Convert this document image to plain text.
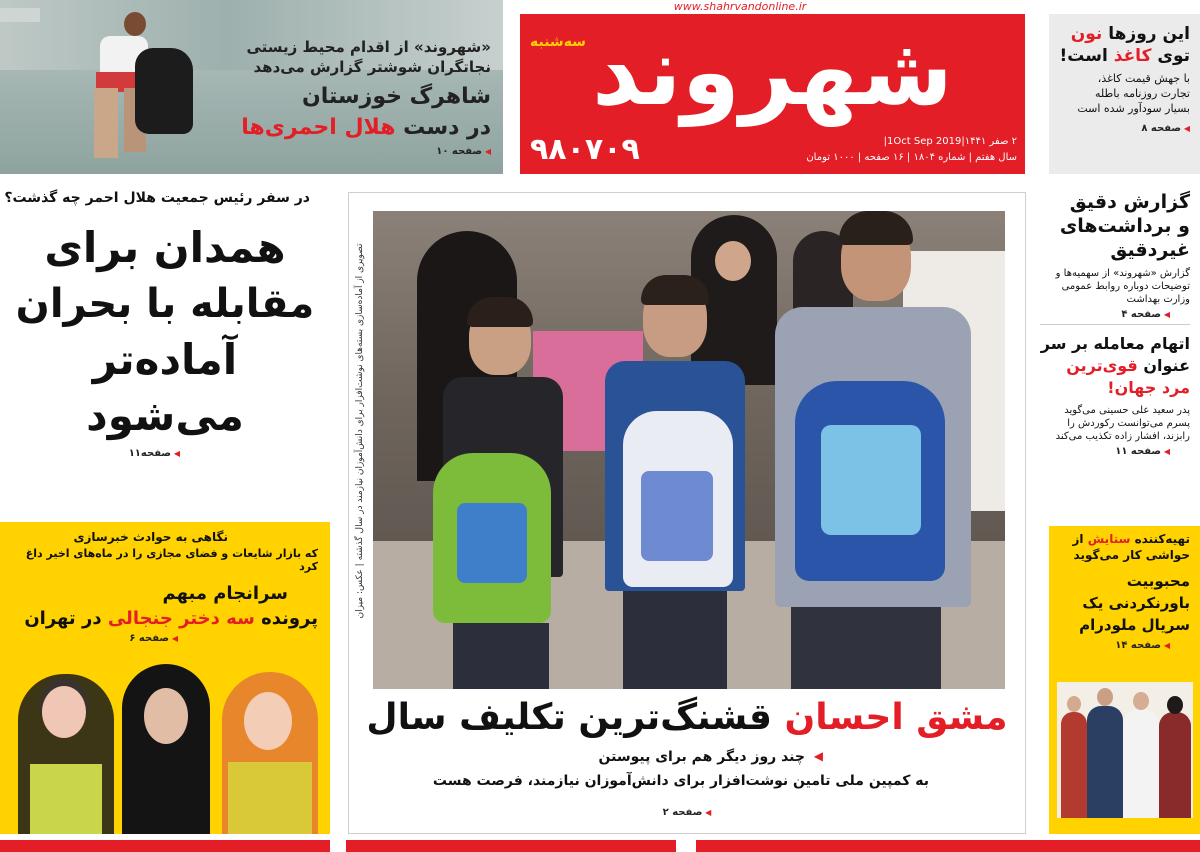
«شهروند» از اقدام محیط زیستی
نجاتگران شوشتر گزارش می‌دهد
شاهرگ خوزستان
در دست هلال احمری‌ها
◀ صفحه ۱۰
www.shahrvandonline.ir
شهروند
سه‌شنبه
۹۸۰۷۰۹	۲ صفر ۱۴۴۱|1Oct Sep 2019|
سال هفتم | شماره ۱۸۰۴ | ۱۶ صفحه | ۱۰۰۰ تومان
این روزها نون
توی کاغذ است!
با جهش قیمت کاغذ،
تجارت روزنامه باطله
بسیار سودآور شده است
◀ صفحه ۸
در سفر رئیس جمعیت هلال احمر چه گذشت؟
همدان برای
مقابله با بحران
آماده‌تر
می‌شود
◀ صفحه۱۱
نگاهی به حوادث خبرسازی
که بازار شایعات و فضای مجازی را در ماه‌های اخیر داغ کرد
سرانجام مبهم
پرونده سه دختر جنجالی در تهران
◀ صفحه ۶
تصویری از آماده‌سازی بسته‌های نوشت‌افزار برای دانش‌آموزان نیازمند در سال گذشته | عکس: میزان
مشق احسان قشنگ‌ترین تکلیف سال
چند روز دیگر هم برای پیوستن ◀
به کمپین ملی تامین نوشت‌افزار برای دانش‌آموزان نیازمند، فرصت هست
◀ صفحه ۲
گزارش دقیق
و برداشت‌های
غیردقیق
گزارش «شهروند» از سهمیه‌ها و
توضیحات دوباره روابط عمومی
وزارت بهداشت
◀ صفحه ۴
اتهام معامله بر سر
عنوان قوی‌ترین
مرد جهان!
پدر سعید علی حسینی می‌گوید
پسرم می‌توانست رکوردش را
رابزند، افشار زاده تکذیب می‌کند
◀ صفحه ۱۱
تهیه‌کننده ستایش از
حواشی کار می‌گوید
محبوبیت
باورنکردنی یک
سریال ملودرام
◀ صفحه ۱۴
